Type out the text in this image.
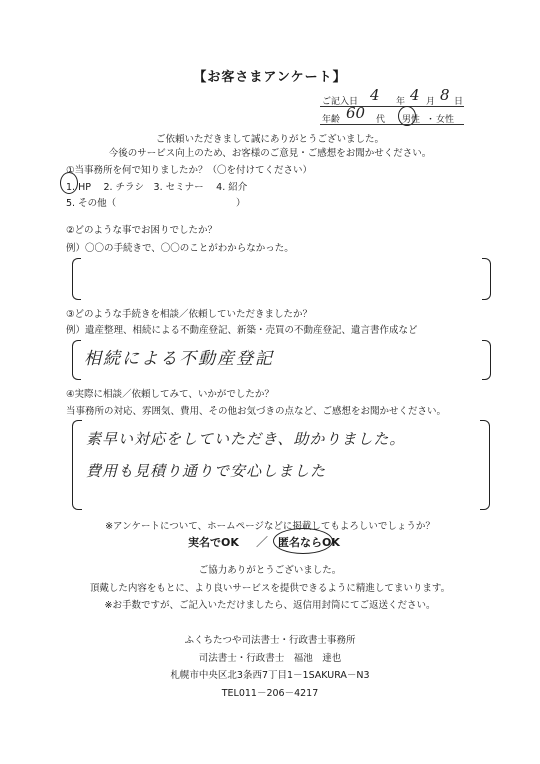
【お客さまアンケート】
ご記入日 4 年 4 月 8 日
年齢 60 代 男性 ・ 女性
ご依頼いただきまして誠にありがとうございました。
今後のサービス向上のため、お客様のご意見・ご感想をお聞かせください。
①当事務所を何で知りましたか？（〇を付けてください）
1. HP　 2. チラシ　3. セミナー　 4. 紹介
5. その他（	）
②どのような事でお困りでしたか？
例）〇〇の手続きで、〇〇のことがわからなかった。
③どのような手続きを相談／依頼していただきましたか？
例）遺産整理、相続による不動産登記、新築・売買の不動産登記、遺言書作成など
相続による不動産登記
④実際に相談／依頼してみて、いかがでしたか？
当事務所の対応、雰囲気、費用、その他お気づきの点など、ご感想をお聞かせください。
素早い対応をしていただき、助かりました。
費用も見積り通りで安心しました
※アンケートについて、ホームページなどに掲載してもよろしいでしょうか？
実名でOK ／ 匿名ならOK
ご協力ありがとうございました。
頂戴した内容をもとに、より良いサービスを提供できるように精進してまいります。
※お手数ですが、ご記入いただけましたら、返信用封筒にてご返送ください。
ふくちたつや司法書士・行政書士事務所
司法書士・行政書士　福池　達也
札幌市中央区北3条西7丁目1－1SAKURA－N3
TEL011－206－4217
